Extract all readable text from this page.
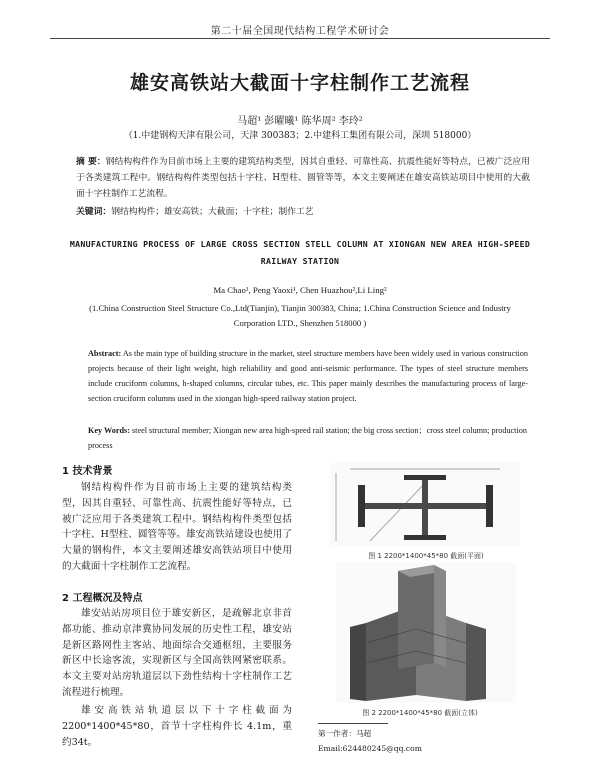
第二十届全国现代结构工程学术研讨会
雄安高铁站大截面十字柱制作工艺流程
马超¹ 彭曜曦¹ 陈华周² 李玲²
（1.中建钢构天津有限公司，天津 300383；2.中建科工集团有限公司，深圳 518000）
摘 要：钢结构构件作为目前市场上主要的建筑结构类型，因其自重轻、可靠性高、抗震性能好等特点，已被广泛应用于各类建筑工程中。钢结构构件类型包括十字柱、H型柱、圆管等等，本文主要阐述在雄安高铁站项目中使用的大截面十字柱制作工艺流程。
关键词：钢结构构件；雄安高铁；大截面；十字柱；制作工艺
MANUFACTURING PROCESS OF LARGE CROSS SECTION STELL COLUMN AT XIONGAN NEW AREA HIGH-SPEED RAILWAY STATION
Ma Chao¹, Peng Yaoxi¹, Chen Huazhou²,Li Ling²
(1.China Construction Steel Structure Co.,Ltd(Tianjin), Tianjin 300383, China; 1.China Construction Science and Industry Corporation LTD., Shenzhen 518000 )
Abstract: As the main type of building structure in the market, steel structure members have been widely used in various construction projects because of their light weight, high reliability and good anti-seismic performance. The types of steel structure members include cruciform columns, h-shaped columns, circular tubes, etc. This paper mainly describes the manufacturing process of large-section cruciform columns used in the xiongan high-speed railway station project.
Key Words: steel structural member; Xiongan new area high-speed rail station; the big cross section；cross steel column; production process
1 技术背景
钢结构构件作为目前市场上主要的建筑结构类型，因其自重轻、可靠性高、抗震性能好等特点，已被广泛应用于各类建筑工程中。钢结构构件类型包括十字柱、H型柱、圆管等等。雄安高铁站建设也使用了大量的钢构件，本文主要阐述雄安高铁站项目中使用的大截面十字柱制作工艺流程。
2 工程概况及特点
雄安站站房项目位于雄安新区，是疏解北京非首都功能、推动京津冀协同发展的历史性工程，雄安站是新区路网性主客站、地面综合交通枢纽，主要服务新区中长途客流，实现新区与全国高铁网紧密联系。本文主要对站房轨道层以下劲性结构十字柱制作工艺流程进行梳理。
雄安高铁站轨道层以下十字柱截面为2200*1400*45*80，首节十字柱构件长 4.1m，重约34t。
图 1 2200*1400*45*80 截面(平面)
图 2 2200*1400*45*80 截面(立体)
第一作者：马超
Email:624480245@qq.com
